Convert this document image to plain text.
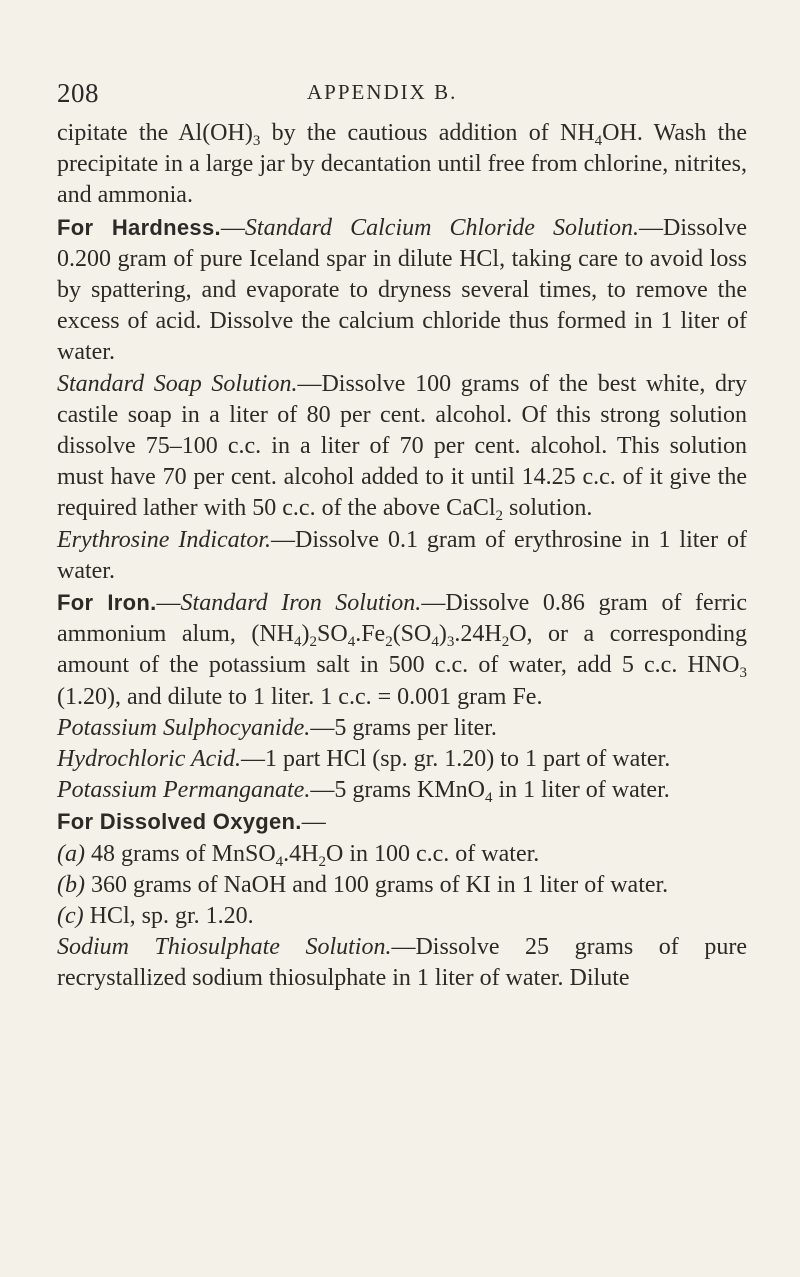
208	APPENDIX B.

cipitate the $Al(OH)_3$ by the cautious addition of $NH_4OH$. Wash the precipitate in a large jar by decantation until free from chlorine, nitrites, and ammonia.

For Hardness.—Standard Calcium Chloride Solution.—Dissolve 0.200 gram of pure Iceland spar in dilute HCl, taking care to avoid loss by spattering, and evaporate to dryness several times, to remove the excess of acid. Dissolve the calcium chloride thus formed in 1 liter of water.

Standard Soap Solution.—Dissolve 100 grams of the best white, dry castile soap in a liter of 80 per cent. alcohol. Of this strong solution dissolve 75–100 c.c. in a liter of 70 per cent. alcohol. This solution must have 70 per cent. alcohol added to it until 14.25 c.c. of it give the required lather with 50 c.c. of the above CaCl$_2$ solution.

Erythrosine Indicator.—Dissolve 0.1 gram of erythrosine in 1 liter of water.

For Iron.—Standard Iron Solution.—Dissolve 0.86 gram of ferric ammonium alum, $(NH_4)_2SO_4.Fe_2(SO_4)_3.24H_2O$, or a corresponding amount of the potassium salt in 500 c.c. of water, add 5 c.c. $HNO_3$ (1.20), and dilute to 1 liter. 1 c.c. = 0.001 gram Fe.

Potassium Sulphocyanide.—5 grams per liter.

Hydrochloric Acid.—1 part HCl (sp. gr. 1.20) to 1 part of water.

Potassium Permanganate.—5 grams KMnO$_4$ in 1 liter of water.

For Dissolved Oxygen.—

(a) 48 grams of $MnSO_4.4H_2O$ in 100 c.c. of water.

(b) 360 grams of NaOH and 100 grams of KI in 1 liter of water.

(c) HCl, sp. gr. 1.20.

Sodium Thiosulphate Solution.—Dissolve 25 grams of pure recrystallized sodium thiosulphate in 1 liter of water. Dilute
